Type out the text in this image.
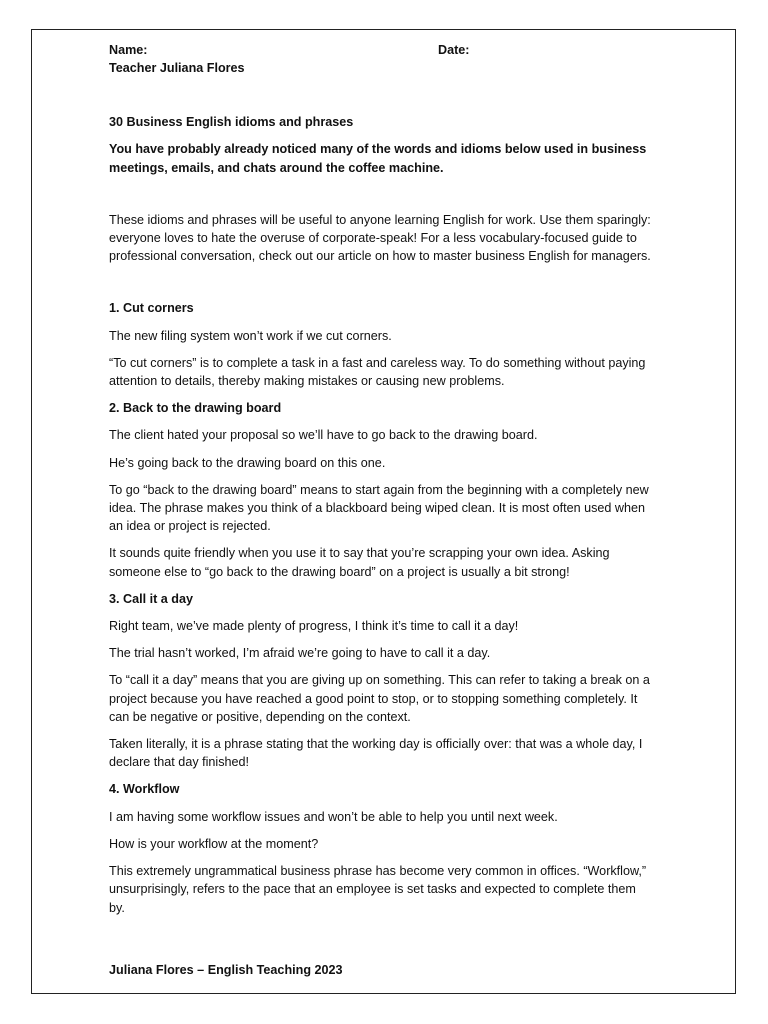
Name:	Date:

Teacher Juliana Flores

30 Business English idioms and phrases

You have probably already noticed many of the words and idioms below used in business meetings, emails, and chats around the coffee machine.

These idioms and phrases will be useful to anyone learning English for work. Use them sparingly: everyone loves to hate the overuse of corporate-speak! For a less vocabulary-focused guide to professional conversation, check out our article on how to master business English for managers.

1. Cut corners

The new filing system won’t work if we cut corners.

“To cut corners” is to complete a task in a fast and careless way. To do something without paying attention to details, thereby making mistakes or causing new problems.

2. Back to the drawing board

The client hated your proposal so we’ll have to go back to the drawing board.

He’s going back to the drawing board on this one.

To go “back to the drawing board” means to start again from the beginning with a completely new idea. The phrase makes you think of a blackboard being wiped clean. It is most often used when an idea or project is rejected.

It sounds quite friendly when you use it to say that you’re scrapping your own idea. Asking someone else to “go back to the drawing board” on a project is usually a bit strong!

3. Call it a day

Right team, we’ve made plenty of progress, I think it’s time to call it a day!

The trial hasn’t worked, I’m afraid we’re going to have to call it a day.

To “call it a day” means that you are giving up on something. This can refer to taking a break on a project because you have reached a good point to stop, or to stopping something completely. It can be negative or positive, depending on the context.

Taken literally, it is a phrase stating that the working day is officially over: that was a whole day, I declare that day finished!

4. Workflow

I am having some workflow issues and won’t be able to help you until next week.

How is your workflow at the moment?

This extremely ungrammatical business phrase has become very common in offices. “Workflow,” unsurprisingly, refers to the pace that an employee is set tasks and expected to complete them by.

Juliana Flores – English Teaching 2023
